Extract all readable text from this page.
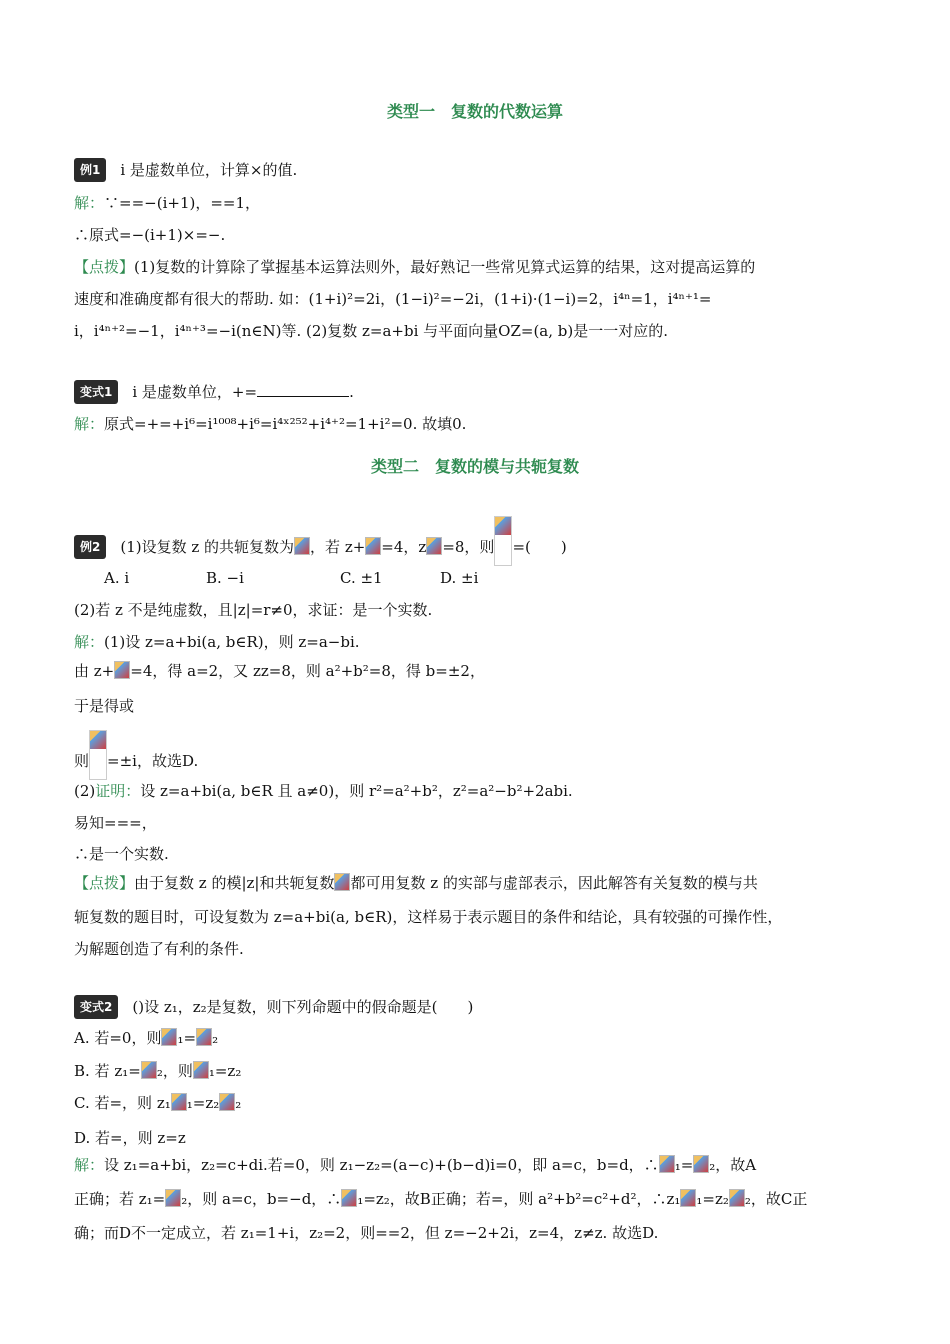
类型一　复数的代数运算
例1 i 是虚数单位，计算×的值.
解：∵==−(i+1)，==1，
∴原式=−(i+1)×=−.
【点拨】(1)复数的计算除了掌握基本运算法则外，最好熟记一些常见算式运算的结果，这对提高运算的
速度和准确度都有很大的帮助. 如：(1+i)²=2i，(1−i)²=−2i，(1+i)·(1−i)=2，i⁴ⁿ=1，i⁴ⁿ⁺¹=
i，i⁴ⁿ⁺²=−1，i⁴ⁿ⁺³=−i(n∈N)等. (2)复数 z=a+bi 与平面向量OZ=(a, b)是一一对应的.
变式1 i 是虚数单位，+=	.
解：原式=+=+i⁶=i¹⁰⁰⁸+i⁶=i⁴ˣ²⁵²+i⁴⁺²=1+i²=0. 故填0.
类型二　复数的模与共轭复数
例2 (1)设复数 z 的共轭复数为 ，若 z+ =4，z =8，则 =(　　)
A. i	B. −i	C. ±1	D. ±i
(2)若 z 不是纯虚数，且|z|=r≠0，求证：是一个实数.
解：(1)设 z=a+bi(a, b∈R)，则 z=a−bi.
由 z+ =4，得 a=2，又 zz=8，则 a²+b²=8，得 b=±2，
于是得或
则 =±i，故选D.
(2)证明：设 z=a+bi(a, b∈R 且 a≠0)，则 r²=a²+b²，z²=a²−b²+2abi.
易知===，
∴是一个实数.
【点拨】由于复数 z 的模|z|和共轭复数 都可用复数 z 的实部与虚部表示，因此解答有关复数的模与共
轭复数的题目时，可设复数为 z=a+bi(a, b∈R)，这样易于表示题目的条件和结论，具有较强的可操作性，
为解题创造了有利的条件.
变式2 ()设 z₁，z₂是复数，则下列命题中的假命题是(　　)
A. 若=0，则 ₁= ₂
B. 若 z₁= ₂，则 ₁=z₂
C. 若=，则 z₁ ₁=z₂ ₂
D. 若=，则 z=z
解：设 z₁=a+bi，z₂=c+di.若=0，则 z₁−z₂=(a−c)+(b−d)i=0，即 a=c，b=d，∴ ₁= ₂，故A
正确；若 z₁= ₂，则 a=c，b=−d，∴ ₁=z₂，故B正确；若=，则 a²+b²=c²+d²，∴z₁ ₁=z₂ ₂，故C正
确；而D不一定成立，若 z₁=1+i，z₂=2，则==2，但 z=−2+2i，z=4，z≠z. 故选D.
